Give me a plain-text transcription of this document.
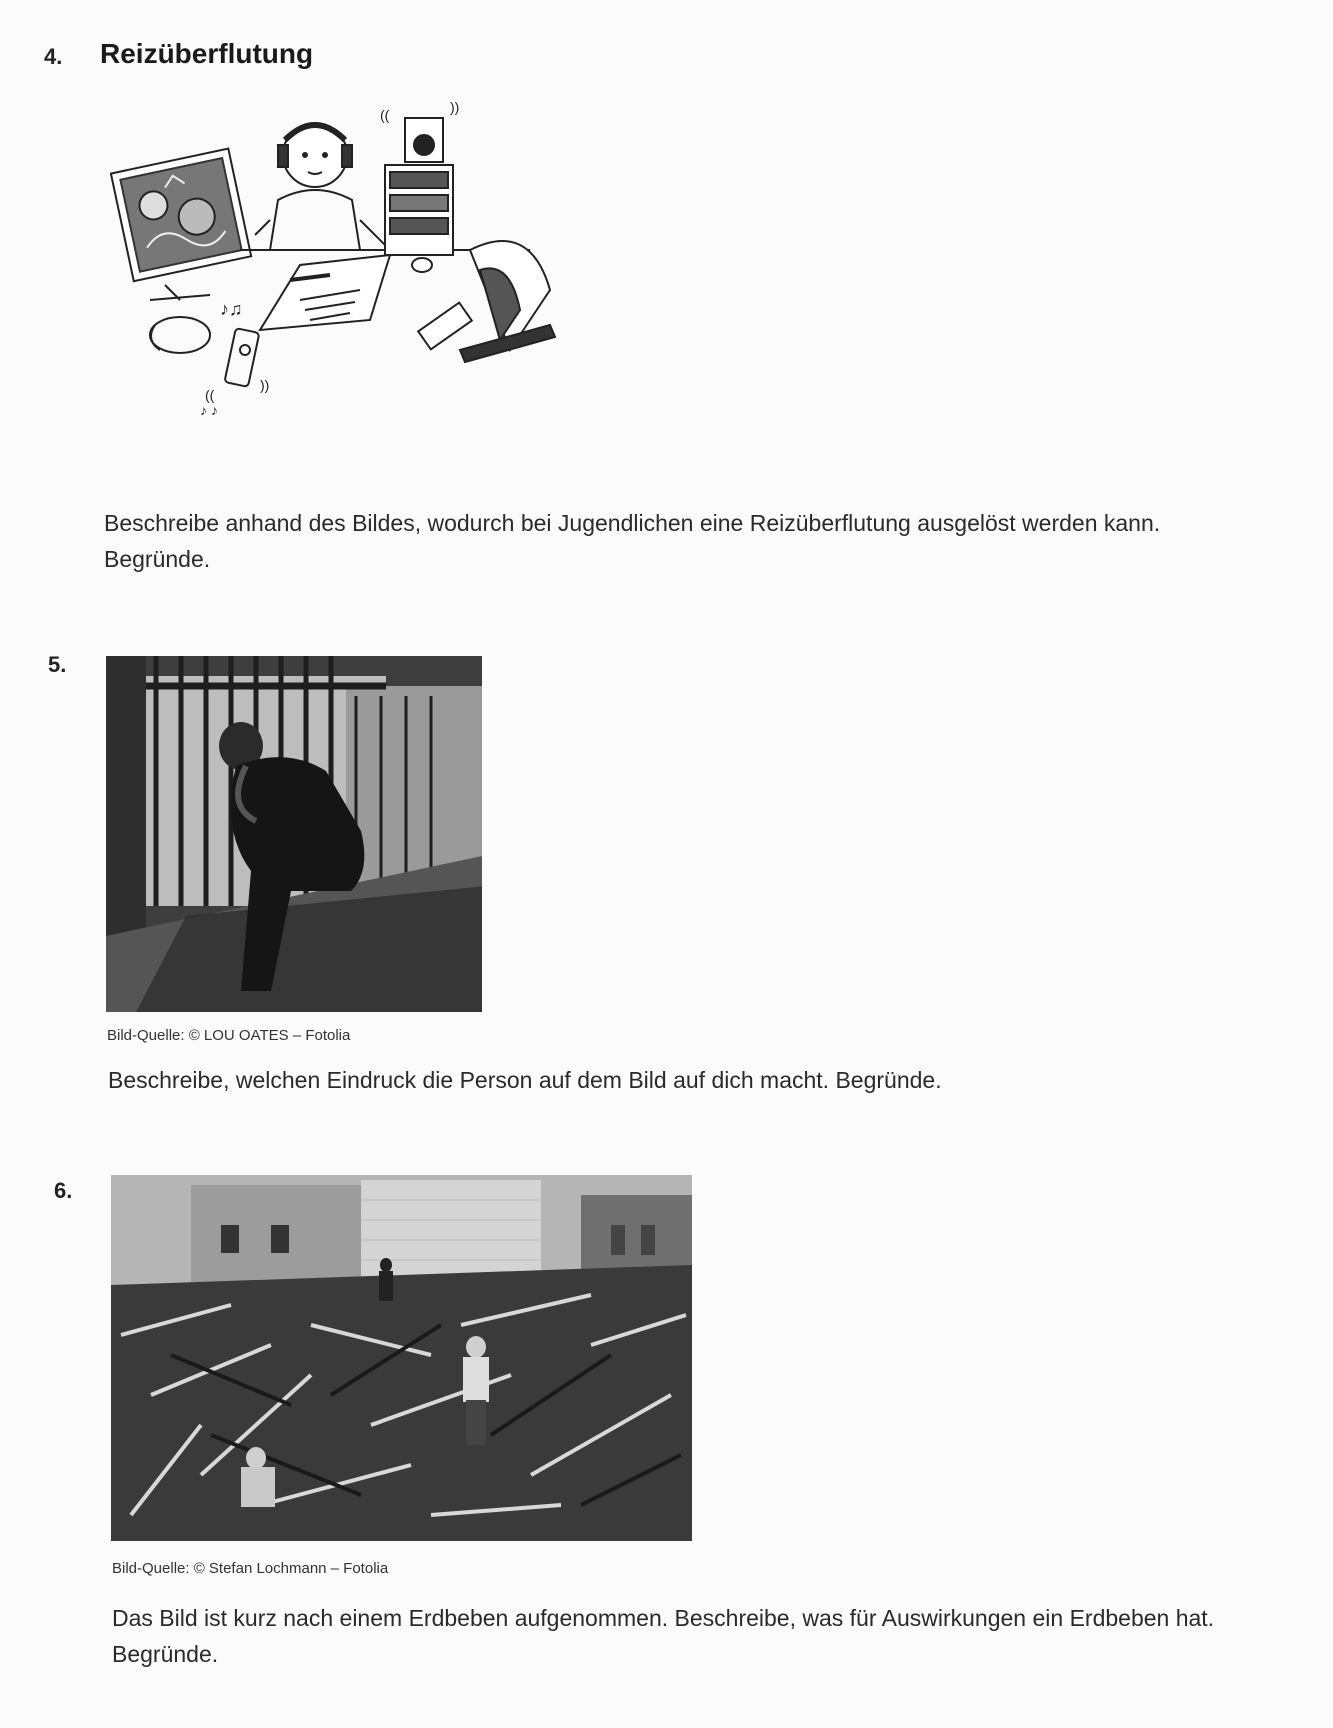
4. Reizüberflutung
♪♫
((
))
♪ ♪
((	))
Beschreibe anhand des Bildes, wodurch bei Jugendlichen eine Reizüberflutung ausgelöst werden kann. Begründe.
5.
Bild-Quelle: © LOU OATES – Fotolia
Beschreibe, welchen Eindruck die Person auf dem Bild auf dich macht. Begründe.
6.
Bild-Quelle: © Stefan Lochmann – Fotolia
Das Bild ist kurz nach einem Erdbeben aufgenommen. Beschreibe, was für Auswirkungen ein Erdbeben hat. Begründe.
